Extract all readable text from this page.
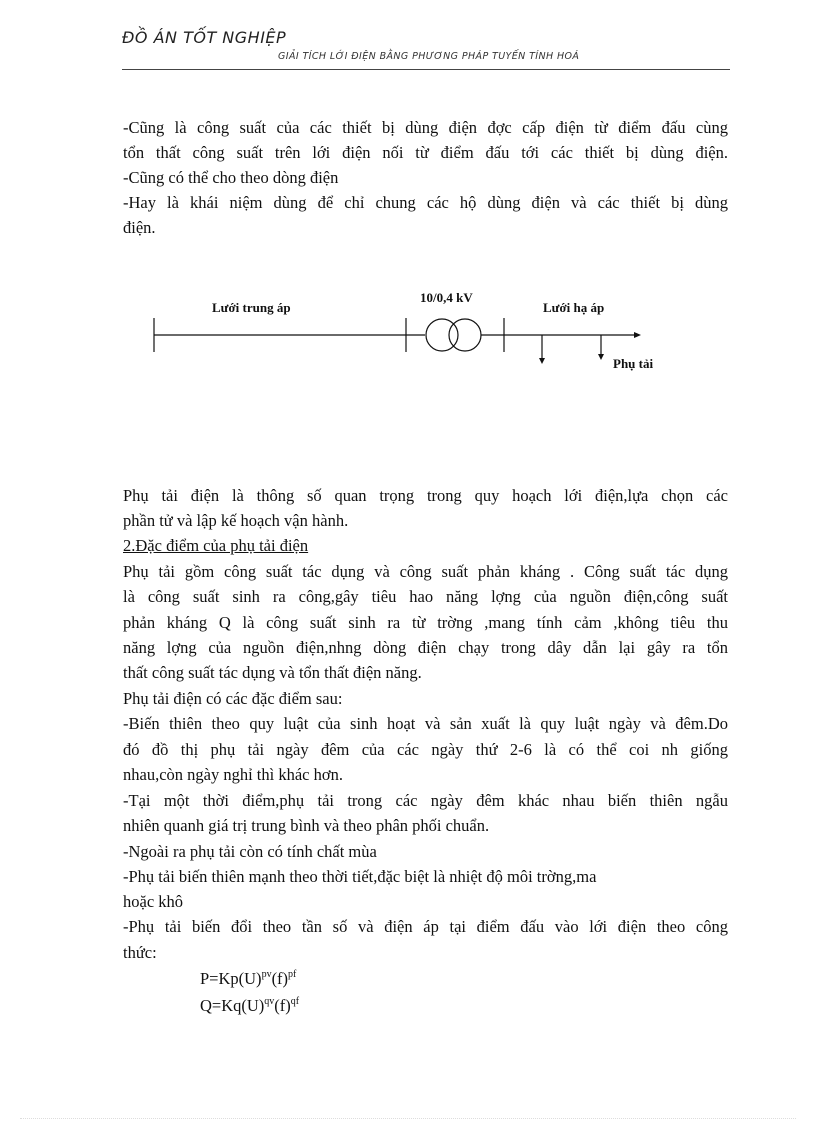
ĐỒ ÁN TỐT NGHIỆP
GIẢI TÍCH LỚI ĐIỆN BẰNG PHƯƠNG PHÁP TUYẾN TÍNH HOÁ

-Cũng là công suất của các thiết bị dùng điện đợc cấp điện từ điểm đấu cùng

tổn thất công suất trên lới điện nối từ điểm đấu tới các thiết bị dùng điện.

-Cũng có thể cho theo dòng điện

-Hay là khái niệm dùng để chỉ chung các hộ dùng điện và các thiết bị dùng

điện.

Lưới trung áp
10/0,4 kV
Lưới hạ áp
Phụ tải

Phụ tải điện là thông số quan trọng trong quy hoạch lới điện,lựa chọn các

phần tử và lập kế hoạch vận hành.

2.Đặc điểm của phụ tải điện

Phụ tải gồm công suất tác dụng và công suất phản kháng . Công suất tác dụng

là công suất sinh ra công,gây tiêu hao năng lợng của nguồn điện,công suất

phản kháng Q là công suất sinh ra từ trờng ,mang tính cảm ,không tiêu thu

năng lợng của nguồn điện,nhng dòng điện chạy trong dây dẫn lại gây ra tổn

thất công suất tác dụng và tổn thất điện năng.

Phụ tải điện có các đặc điểm sau:

-Biến thiên theo quy luật của sinh hoạt và sản xuất là quy luật ngày và đêm.Do

đó đồ thị phụ tải ngày đêm của các ngày thứ 2-6 là có thể coi nh giống

nhau,còn ngày nghỉ thì khác hơn.

-Tại một thời điểm,phụ tải trong các ngày đêm khác nhau biến thiên ngẫu

nhiên quanh giá trị trung bình và theo phân phối chuẩn.

-Ngoài ra phụ tải còn có tính chất mùa

-Phụ tải biến thiên mạnh theo thời tiết,đặc biệt là nhiệt độ môi trờng,ma

hoặc khô

-Phụ tải biến đổi theo tần số và điện áp tại điểm đấu vào lới điện theo công

thức:

$P=Kp(U)^{pv}(f)^{pf}$

$Q=Kq(U)^{qv}(f)^{qf}$
